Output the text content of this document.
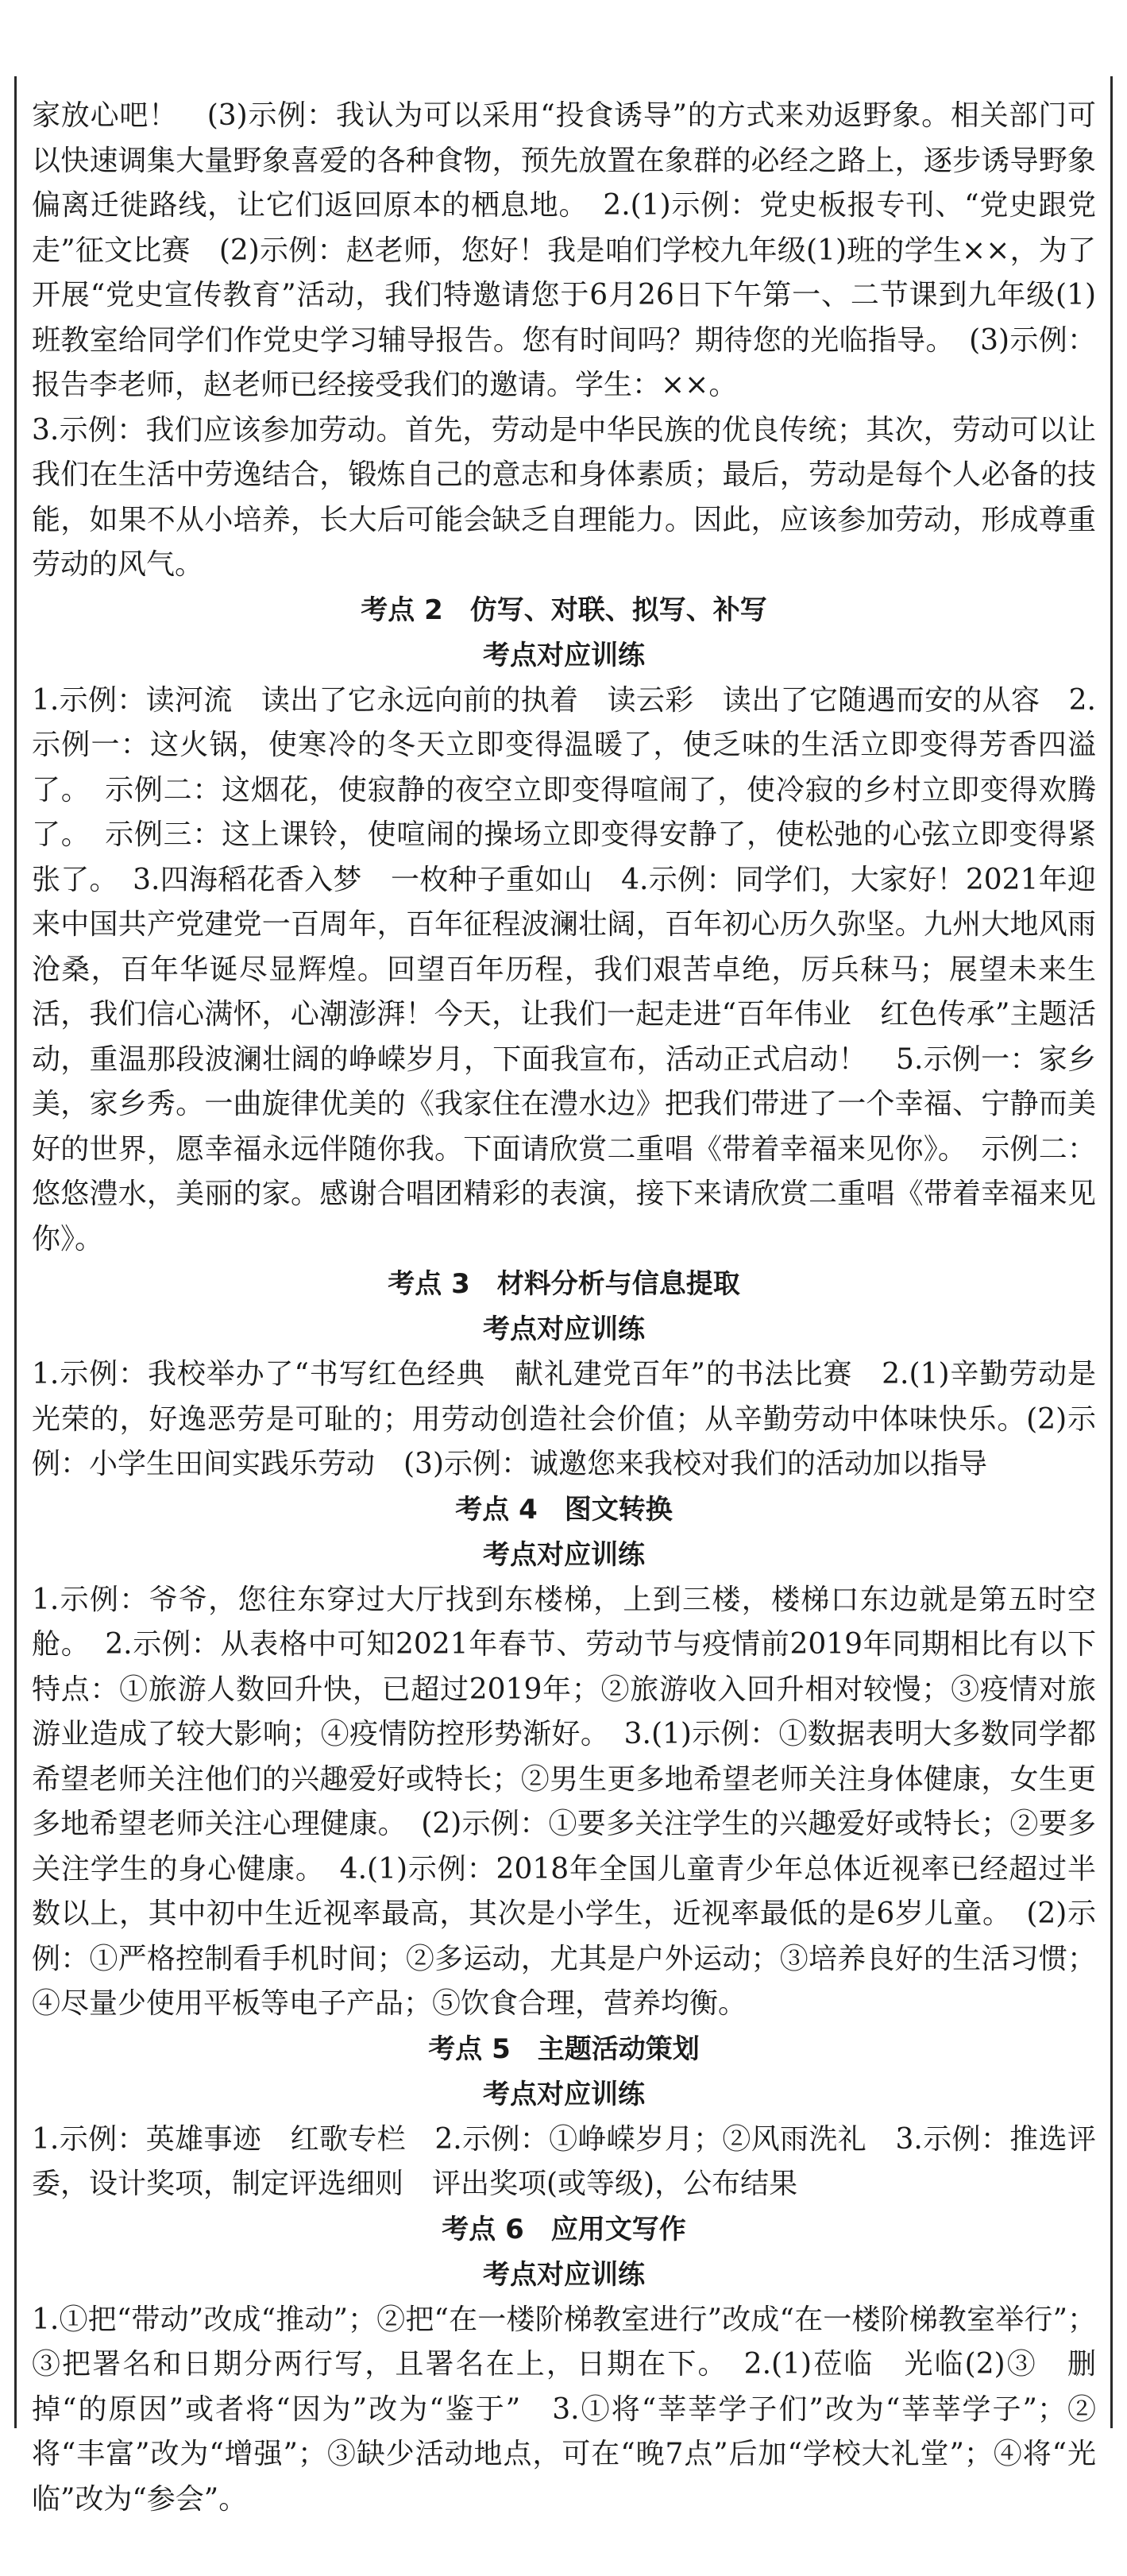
家放心吧！　(3)示例：我认为可以采用“投食诱导”的方式来劝返野象。相关部门可以快速调集大量野象喜爱的各种食物，预先放置在象群的必经之路上，逐步诱导野象偏离迁徙路线，让它们返回原本的栖息地。　2.(1)示例：党史板报专刊、“党史跟党走”征文比赛　(2)示例：赵老师，您好！我是咱们学校九年级(1)班的学生××，为了开展“党史宣传教育”活动，我们特邀请您于6月26日下午第一、二节课到九年级(1)班教室给同学们作党史学习辅导报告。您有时间吗？期待您的光临指导。　(3)示例：报告李老师，赵老师已经接受我们的邀请。学生：××。

3.示例：我们应该参加劳动。首先，劳动是中华民族的优良传统；其次，劳动可以让我们在生活中劳逸结合，锻炼自己的意志和身体素质；最后，劳动是每个人必备的技能，如果不从小培养，长大后可能会缺乏自理能力。因此，应该参加劳动，形成尊重劳动的风气。

考点 2　仿写、对联、拟写、补写

考点对应训练

1.示例：读河流　读出了它永远向前的执着　读云彩　读出了它随遇而安的从容　2.示例一：这火锅，使寒冷的冬天立即变得温暖了，使乏味的生活立即变得芳香四溢了。　示例二：这烟花，使寂静的夜空立即变得喧闹了，使冷寂的乡村立即变得欢腾了。　示例三：这上课铃，使喧闹的操场立即变得安静了，使松弛的心弦立即变得紧张了。　3.四海稻花香入梦　一枚种子重如山　4.示例：同学们，大家好！2021年迎来中国共产党建党一百周年，百年征程波澜壮阔，百年初心历久弥坚。九州大地风雨沧桑，百年华诞尽显辉煌。回望百年历程，我们艰苦卓绝，厉兵秣马；展望未来生活，我们信心满怀，心潮澎湃！今天，让我们一起走进“百年伟业　红色传承”主题活动，重温那段波澜壮阔的峥嵘岁月，下面我宣布，活动正式启动！　5.示例一：家乡美，家乡秀。一曲旋律优美的《我家住在澧水边》把我们带进了一个幸福、宁静而美好的世界，愿幸福永远伴随你我。下面请欣赏二重唱《带着幸福来见你》。　示例二：悠悠澧水，美丽的家。感谢合唱团精彩的表演，接下来请欣赏二重唱《带着幸福来见你》。

考点 3　材料分析与信息提取

考点对应训练

1.示例：我校举办了“书写红色经典　献礼建党百年”的书法比赛　2.(1)辛勤劳动是光荣的，好逸恶劳是可耻的；用劳动创造社会价值；从辛勤劳动中体味快乐。(2)示例：小学生田间实践乐劳动　(3)示例：诚邀您来我校对我们的活动加以指导

考点 4　图文转换

考点对应训练

1.示例：爷爷，您往东穿过大厅找到东楼梯，上到三楼，楼梯口东边就是第五时空舱。　2.示例：从表格中可知2021年春节、劳动节与疫情前2019年同期相比有以下特点：①旅游人数回升快，已超过2019年；②旅游收入回升相对较慢；③疫情对旅游业造成了较大影响；④疫情防控形势渐好。　3.(1)示例：①数据表明大多数同学都希望老师关注他们的兴趣爱好或特长；②男生更多地希望老师关注身体健康，女生更多地希望老师关注心理健康。　(2)示例：①要多关注学生的兴趣爱好或特长；②要多关注学生的身心健康。　4.(1)示例：2018年全国儿童青少年总体近视率已经超过半数以上，其中初中生近视率最高，其次是小学生，近视率最低的是6岁儿童。　(2)示例：①严格控制看手机时间；②多运动，尤其是户外运动；③培养良好的生活习惯；④尽量少使用平板等电子产品；⑤饮食合理，营养均衡。

考点 5　主题活动策划

考点对应训练

1.示例：英雄事迹　红歌专栏　2.示例：①峥嵘岁月；②风雨洗礼　3.示例：推选评委，设计奖项，制定评选细则　评出奖项(或等级)，公布结果

考点 6　应用文写作

考点对应训练

1.①把“带动”改成“推动”；②把“在一楼阶梯教室进行”改成“在一楼阶梯教室举行”；③把署名和日期分两行写，且署名在上，日期在下。　2.(1)莅临　光临(2)③　删掉“的原因”或者将“因为”改为“鉴于”　3.①将“莘莘学子们”改为“莘莘学子”；②将“丰富”改为“增强”；③缺少活动地点，可在“晚7点”后加“学校大礼堂”；④将“光临”改为“参会”。
